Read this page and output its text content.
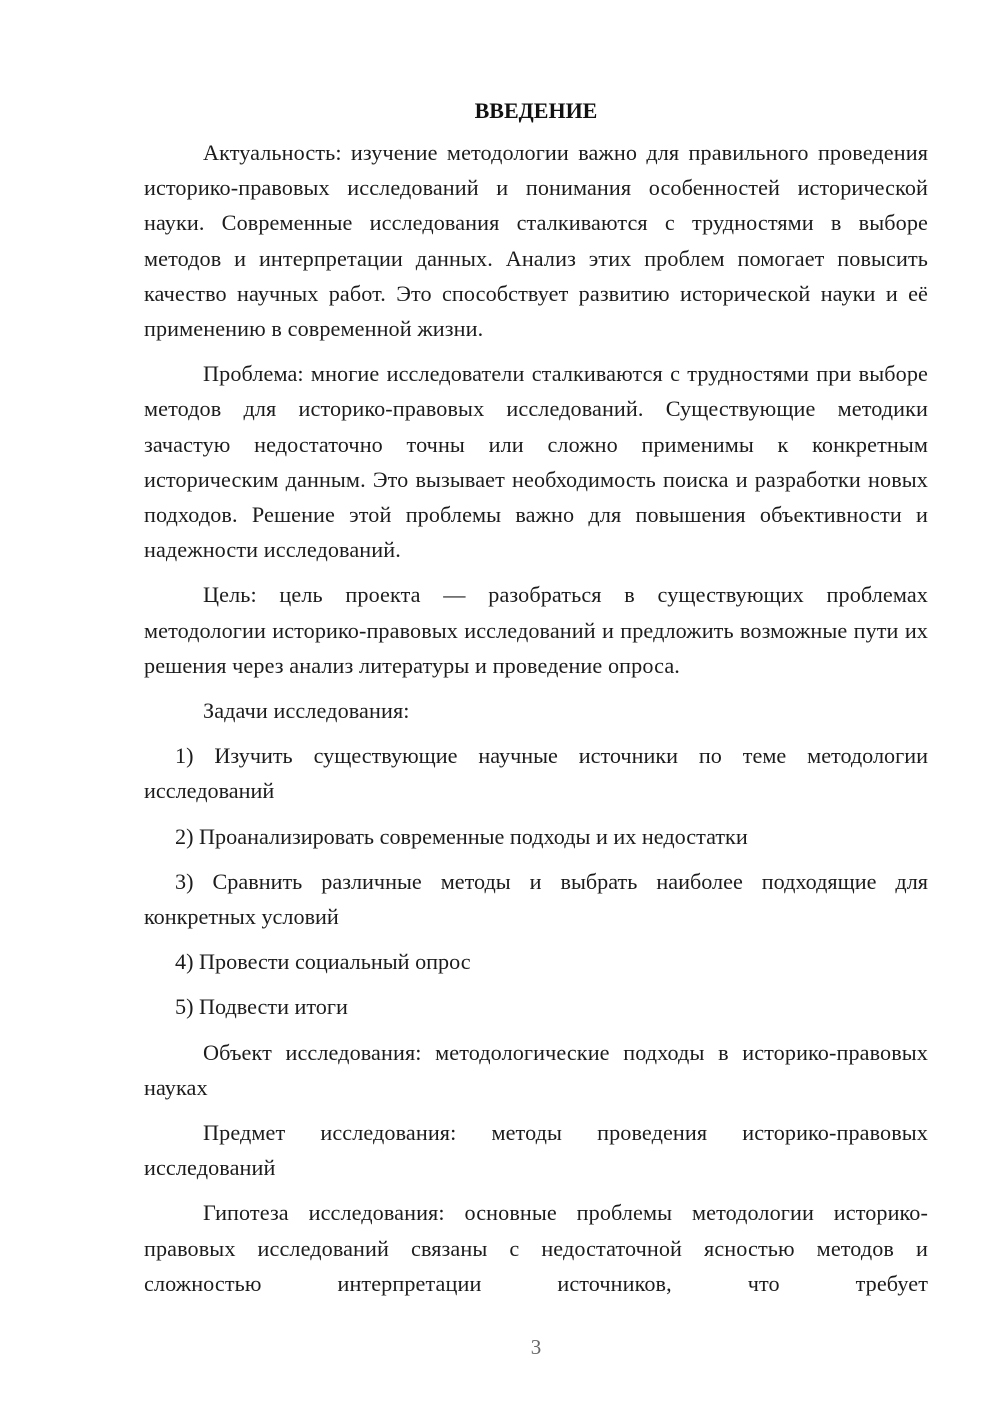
ВВЕДЕНИЕ

Актуальность: изучение методологии важно для правильного проведения историко-правовых исследований и понимания особенностей исторической науки. Современные исследования сталкиваются с трудностями в выборе методов и интерпретации данных. Анализ этих проблем помогает повысить качество научных работ. Это способствует развитию исторической науки и её применению в современной жизни.

Проблема: многие исследователи сталкиваются с трудностями при выборе методов для историко-правовых исследований. Существующие методики зачастую недостаточно точны или сложно применимы к конкретным историческим данным. Это вызывает необходимость поиска и разработки новых подходов. Решение этой проблемы важно для повышения объективности и надежности исследований.

Цель: цель проекта — разобраться в существующих проблемах методологии историко-правовых исследований и предложить возможные пути их решения через анализ литературы и проведение опроса.

Задачи исследования:

1) Изучить существующие научные источники по теме методологии исследований

2) Проанализировать современные подходы и их недостатки

3) Сравнить различные методы и выбрать наиболее подходящие для конкретных условий

4) Провести социальный опрос

5) Подвести итоги

Объект исследования: методологические подходы в историко-правовых науках

Предмет исследования: методы проведения историко-правовых исследований

Гипотеза исследования: основные проблемы методологии историко-правовых исследований связаны с недостаточной ясностью методов и сложностью интерпретации источников, что требует

3
